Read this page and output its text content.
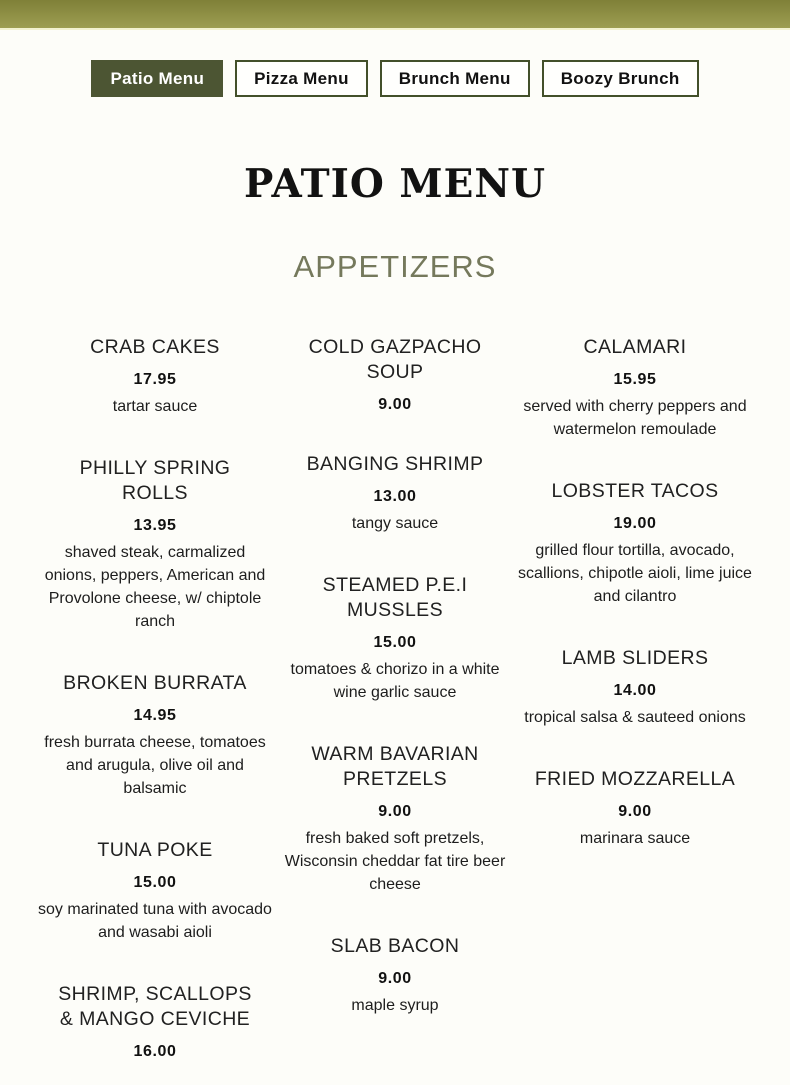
Patio Menu	Pizza Menu	Brunch Menu	Boozy Brunch
PATIO MENU
APPETIZERS
CRAB CAKES
17.95
tartar sauce
PHILLY SPRING ROLLS
13.95
shaved steak, carmalized onions, peppers, American and Provolone cheese, w/ chiptole ranch
BROKEN BURRATA
14.95
fresh burrata cheese, tomatoes and arugula, olive oil and balsamic
TUNA POKE
15.00
soy marinated tuna with avocado and wasabi aioli
SHRIMP, SCALLOPS & MANGO CEVICHE
16.00
COLD GAZPACHO SOUP
9.00
BANGING SHRIMP
13.00
tangy sauce
STEAMED P.E.I MUSSLES
15.00
tomatoes & chorizo in a white wine garlic sauce
WARM BAVARIAN PRETZELS
9.00
fresh baked soft pretzels, Wisconsin cheddar fat tire beer cheese
SLAB BACON
9.00
maple syrup
CALAMARI
15.95
served with cherry peppers and watermelon remoulade
LOBSTER TACOS
19.00
grilled flour tortilla, avocado, scallions, chipotle aioli, lime juice and cilantro
LAMB SLIDERS
14.00
tropical salsa & sauteed onions
FRIED MOZZARELLA
9.00
marinara sauce
